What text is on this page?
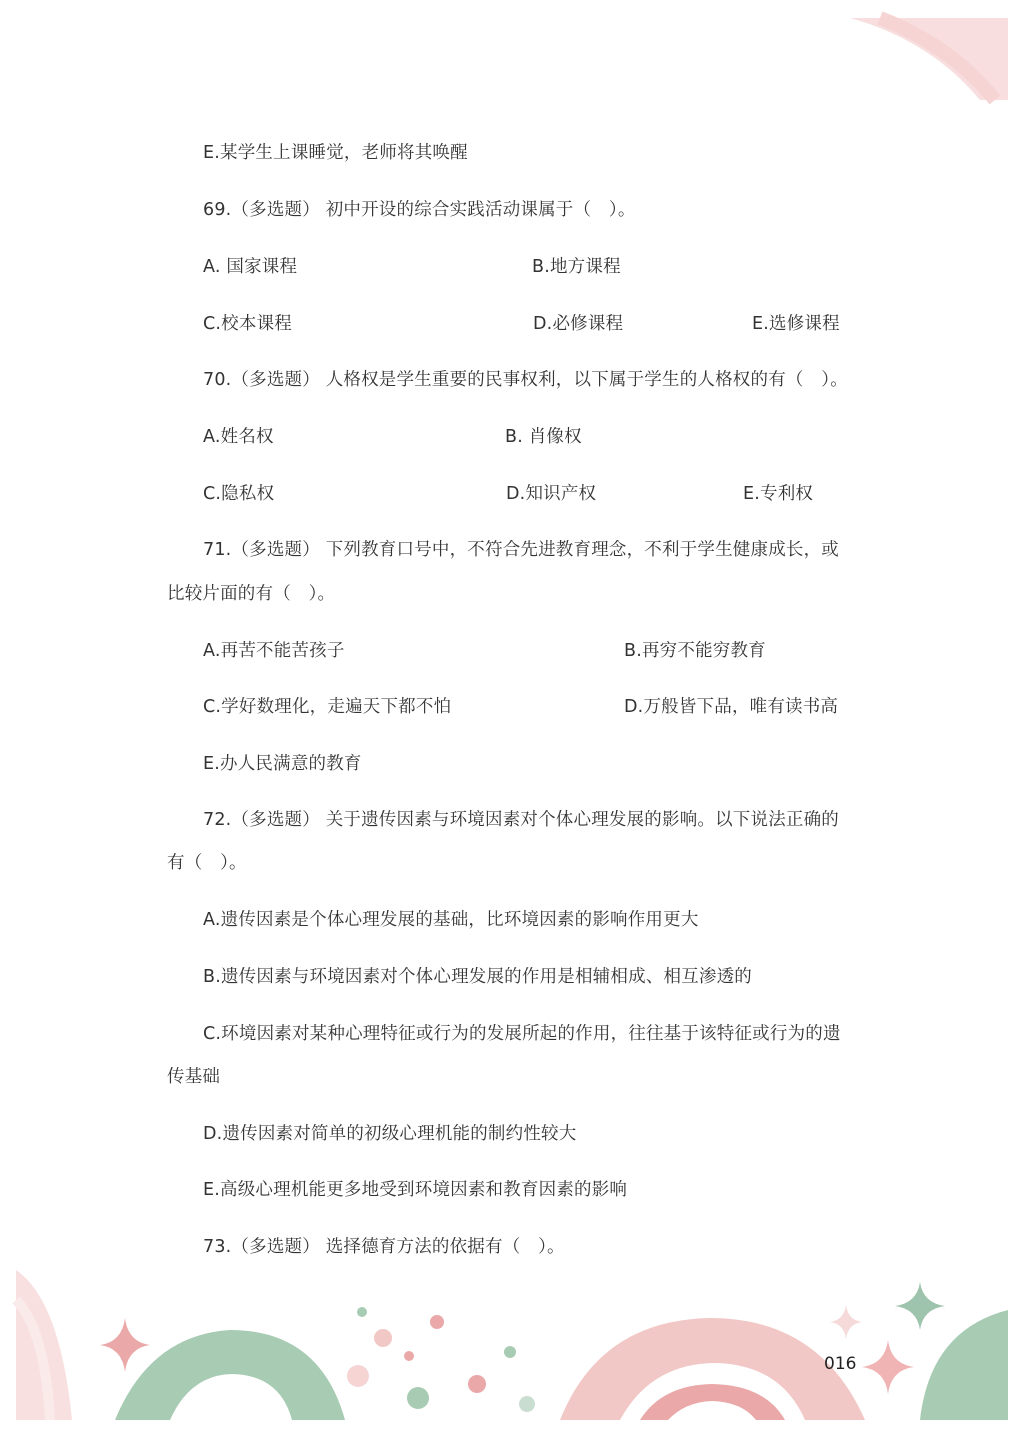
E.某学生上课睡觉，老师将其唤醒
69.（多选题） 初中开设的综合实践活动课属于（　）。
A. 国家课程	B.地方课程
C.校本课程	D.必修课程	E.选修课程
70.（多选题） 人格权是学生重要的民事权利，以下属于学生的人格权的有（　）。
A.姓名权	B. 肖像权
C.隐私权	D.知识产权	E.专利权
71.（多选题） 下列教育口号中，不符合先进教育理念，不利于学生健康成长，或
比较片面的有（　）。
A.再苦不能苦孩子	B.再穷不能穷教育
C.学好数理化，走遍天下都不怕	D.万般皆下品，唯有读书高
E.办人民满意的教育
72.（多选题） 关于遗传因素与环境因素对个体心理发展的影响。以下说法正确的
有（　）。
A.遗传因素是个体心理发展的基础，比环境因素的影响作用更大
B.遗传因素与环境因素对个体心理发展的作用是相辅相成、相互渗透的
C.环境因素对某种心理特征或行为的发展所起的作用，往往基于该特征或行为的遗
传基础
D.遗传因素对简单的初级心理机能的制约性较大
E.高级心理机能更多地受到环境因素和教育因素的影响
73.（多选题） 选择德育方法的依据有（　）。
016
